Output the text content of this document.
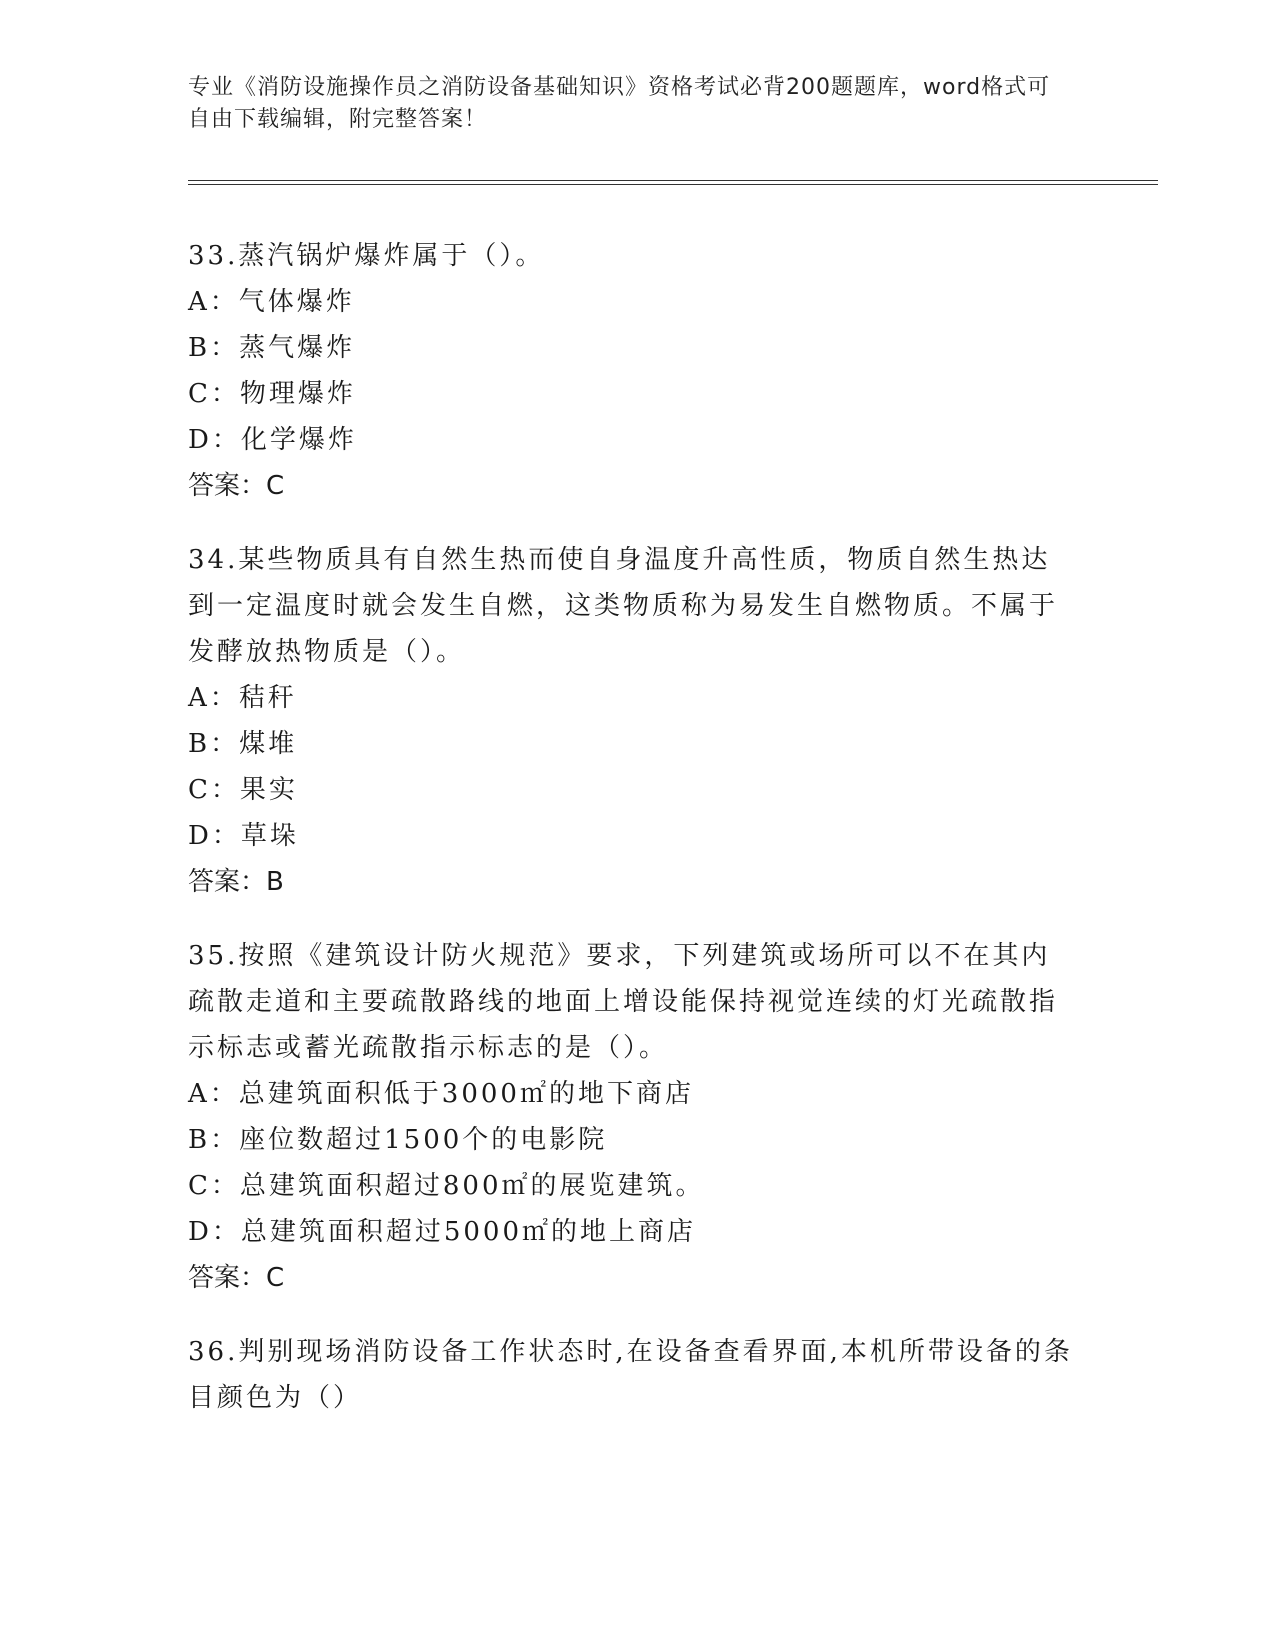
专业《消防设施操作员之消防设备基础知识》资格考试必背200题题库，word格式可自由下载编辑，附完整答案！

33.蒸汽锅炉爆炸属于（）。

A：气体爆炸

B：蒸气爆炸

C：物理爆炸

D：化学爆炸

答案：C

34.某些物质具有自然生热而使自身温度升高性质，物质自然生热达到一定温度时就会发生自燃，这类物质称为易发生自燃物质。不属于发酵放热物质是（）。

A：秸秆

B：煤堆

C：果实

D：草垛

答案：B

35.按照《建筑设计防火规范》要求，下列建筑或场所可以不在其内疏散走道和主要疏散路线的地面上增设能保持视觉连续的灯光疏散指示标志或蓄光疏散指示标志的是（）。

A：总建筑面积低于3000㎡的地下商店

B：座位数超过1500个的电影院

C：总建筑面积超过800㎡的展览建筑。

D：总建筑面积超过5000㎡的地上商店

答案：C

36.判别现场消防设备工作状态时,在设备查看界面,本机所带设备的条目颜色为（）
